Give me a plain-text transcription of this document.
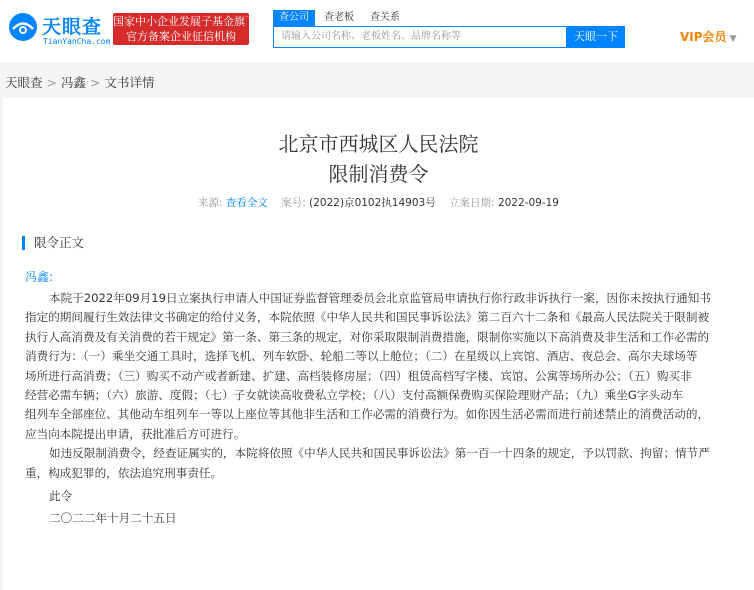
天眼查
TianYanCha.com
国家中小企业发展子基金旗下
官方备案企业征信机构
查公司	查老板 查关系
请输入公司名称、老板姓名、品牌名称等	天眼一下	VIP会员 ▼
天眼查 > 冯鑫 > 文书详情
北京市西城区人民法院
限制消费令
来源: 查看全文 案号: (2022)京0102执14903号 立案日期: 2022-09-19
限令正文
冯鑫:

本院于2022年09月19日立案执行申请人中国证券监督管理委员会北京监管局申请执行你行政非诉执行一案，因你未按执行通知书

指定的期间履行生效法律文书确定的给付义务，本院依照《中华人民共和国民事诉讼法》第二百六十二条和《最高人民法院关于限制被

执行人高消费及有关消费的若干规定》第一条、第三条的规定，对你采取限制消费措施，限制你实施以下高消费及非生活和工作必需的

消费行为：（一）乘坐交通工具时，选择飞机、列车软卧、轮船二等以上舱位；（二）在星级以上宾馆、酒店、夜总会、高尔夫球场等

场所进行高消费；（三）购买不动产或者新建、扩建、高档装修房屋；（四）租赁高档写字楼、宾馆、公寓等场所办公；（五）购买非

经营必需车辆；（六）旅游、度假；（七）子女就读高收费私立学校；（八）支付高额保费购买保险理财产品；（九）乘坐G字头动车

组列车全部座位、其他动车组列车一等以上座位等其他非生活和工作必需的消费行为。如你因生活必需而进行前述禁止的消费活动的，

应当向本院提出申请，获批准后方可进行。

如违反限制消费令，经查证属实的，本院将依照《中华人民共和国民事诉讼法》第一百一十四条的规定，予以罚款、拘留；情节严

重，构成犯罪的，依法追究刑事责任。

此令

二〇二二年十月二十五日
